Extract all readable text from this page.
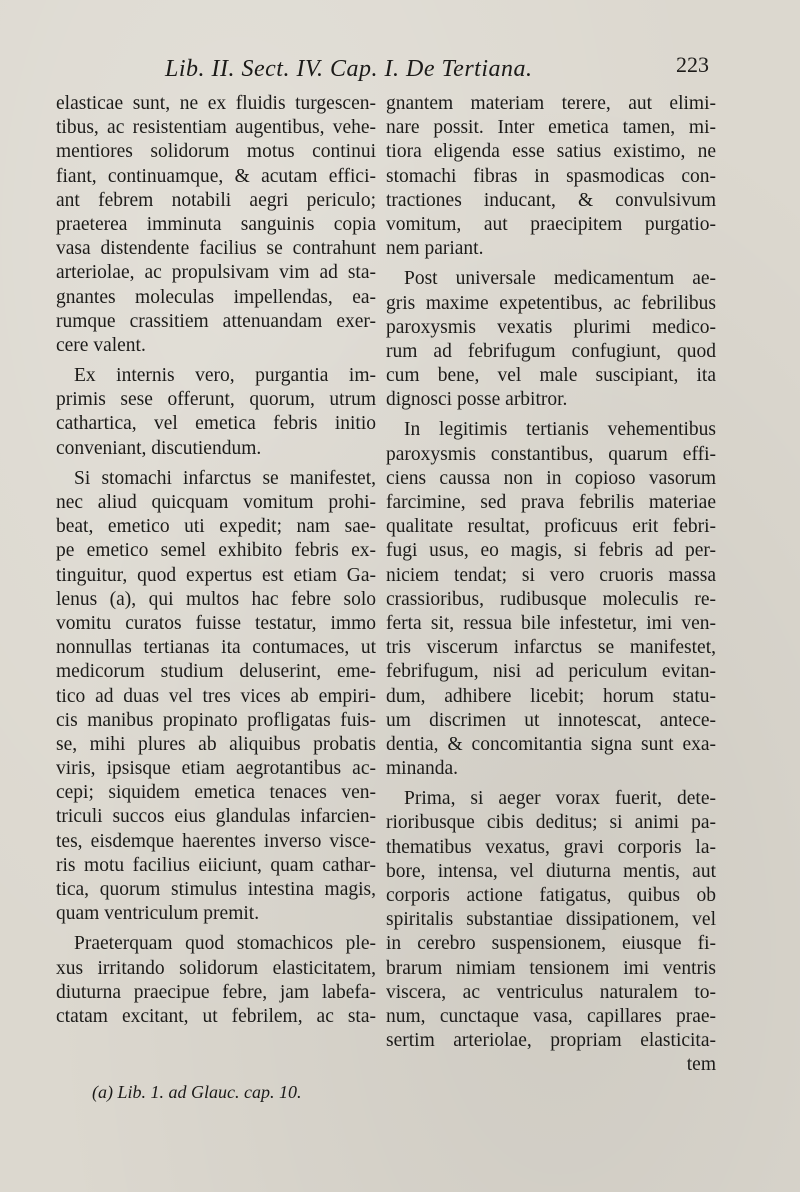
Lib. II. Sect. IV. Cap. I. De Tertiana.	223
elasticae sunt, ne ex fluidis turgescen-
tibus, ac resistentiam augentibus, vehe-
mentiores solidorum motus continui
fiant, continuamque, & acutam effici-
ant febrem notabili aegri periculo;
praeterea imminuta sanguinis copia
vasa distendente facilius se contrahunt
arteriolae, ac propulsivam vim ad sta-
gnantes moleculas impellendas, ea-
rumque crassitiem attenuandam exer-
cere valent.
Ex internis vero, purgantia im-
primis sese offerunt, quorum, utrum
cathartica, vel emetica febris initio
conveniant, discutiendum.
Si stomachi infarctus se manifestet,
nec aliud quicquam vomitum prohi-
beat, emetico uti expedit; nam sae-
pe emetico semel exhibito febris ex-
tinguitur, quod expertus est etiam Ga-
lenus (a), qui multos hac febre solo
vomitu curatos fuisse testatur, immo
nonnullas tertianas ita contumaces, ut
medicorum studium deluserint, eme-
tico ad duas vel tres vices ab empiri-
cis manibus propinato profligatas fuis-
se, mihi plures ab aliquibus probatis
viris, ipsisque etiam aegrotantibus ac-
cepi; siquidem emetica tenaces ven-
triculi succos eius glandulas infarcien-
tes, eisdemque haerentes inverso visce-
ris motu facilius eiiciunt, quam cathar-
tica, quorum stimulus intestina magis,
quam ventriculum premit.
Praeterquam quod stomachicos ple-
xus irritando solidorum elasticitatem,
diuturna praecipue febre, jam labefa-
ctatam excitant, ut febrilem, ac sta-
gnantem materiam terere, aut elimi-
nare possit. Inter emetica tamen, mi-
tiora eligenda esse satius existimo, ne
stomachi fibras in spasmodicas con-
tractiones inducant, & convulsivum
vomitum, aut praecipitem purgatio-
nem pariant.
Post universale medicamentum ae-
gris maxime expetentibus, ac febrilibus
paroxysmis vexatis plurimi medico-
rum ad febrifugum confugiunt, quod
cum bene, vel male suscipiant, ita
dignosci posse arbitror.
In legitimis tertianis vehementibus
paroxysmis constantibus, quarum effi-
ciens caussa non in copioso vasorum
farcimine, sed prava febrilis materiae
qualitate resultat, proficuus erit febri-
fugi usus, eo magis, si febris ad per-
niciem tendat; si vero cruoris massa
crassioribus, rudibusque moleculis re-
ferta sit, ressua bile infestetur, imi ven-
tris viscerum infarctus se manifestet,
febrifugum, nisi ad periculum evitan-
dum, adhibere licebit; horum statu-
um discrimen ut innotescat, antece-
dentia, & concomitantia signa sunt exa-
minanda.
Prima, si aeger vorax fuerit, dete-
rioribusque cibis deditus; si animi pa-
thematibus vexatus, gravi corporis la-
bore, intensa, vel diuturna mentis, aut
corporis actione fatigatus, quibus ob
spiritalis substantiae dissipationem, vel
in cerebro suspensionem, eiusque fi-
brarum nimiam tensionem imi ventris
viscera, ac ventriculus naturalem to-
num, cunctaque vasa, capillares prae-
sertim arteriolae, propriam elasticita-
tem
(a) Lib. 1. ad Glauc. cap. 10.
